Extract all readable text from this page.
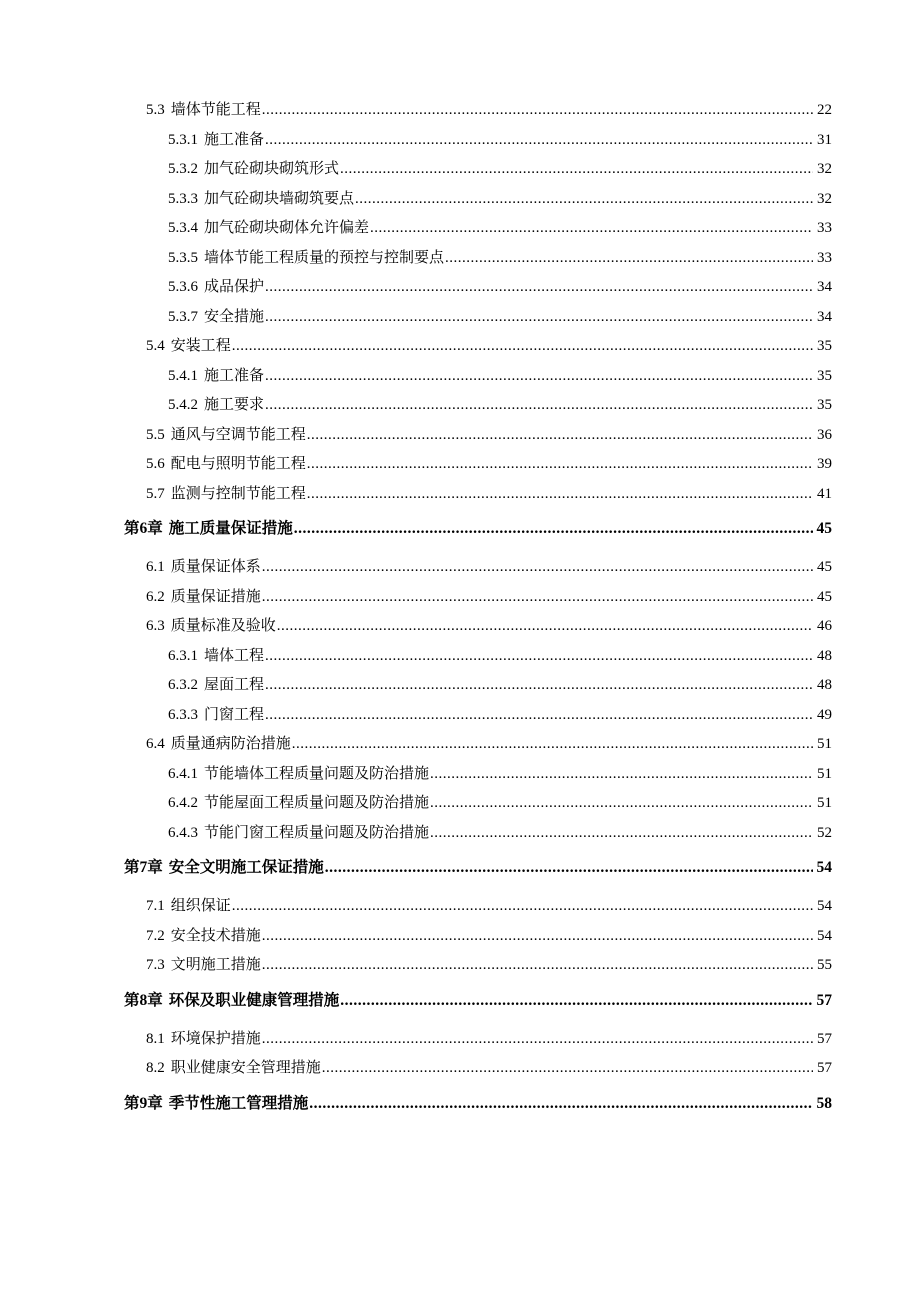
5.3 墙体节能工程 .....	22
5.3.1 施工准备 .....	31
5.3.2 加气砼砌块砌筑形式 .....	32
5.3.3 加气砼砌块墙砌筑要点 .....	32
5.3.4 加气砼砌块砌体允许偏差 .....	33
5.3.5 墙体节能工程质量的预控与控制要点 .....	33
5.3.6 成品保护 .....	34
5.3.7 安全措施 .....	34
5.4 安装工程 .....	35
5.4.1 施工准备 .....	35
5.4.2 施工要求 .....	35
5.5 通风与空调节能工程 .....	36
5.6 配电与照明节能工程 .....	39
5.7 监测与控制节能工程 .....	41
第6章 施工质量保证措施 .....	45
6.1 质量保证体系 .....	45
6.2 质量保证措施 .....	45
6.3 质量标准及验收 .....	46
6.3.1 墙体工程 .....	48
6.3.2 屋面工程 .....	48
6.3.3 门窗工程 .....	49
6.4 质量通病防治措施 .....	51
6.4.1 节能墙体工程质量问题及防治措施 .....	51
6.4.2 节能屋面工程质量问题及防治措施 .....	51
6.4.3 节能门窗工程质量问题及防治措施 .....	52
第7章 安全文明施工保证措施 .....	54
7.1 组织保证 .....	54
7.2 安全技术措施 .....	54
7.3 文明施工措施 .....	55
第8章 环保及职业健康管理措施 .....	57
8.1 环境保护措施 .....	57
8.2 职业健康安全管理措施 .....	57
第9章 季节性施工管理措施 .....	58
